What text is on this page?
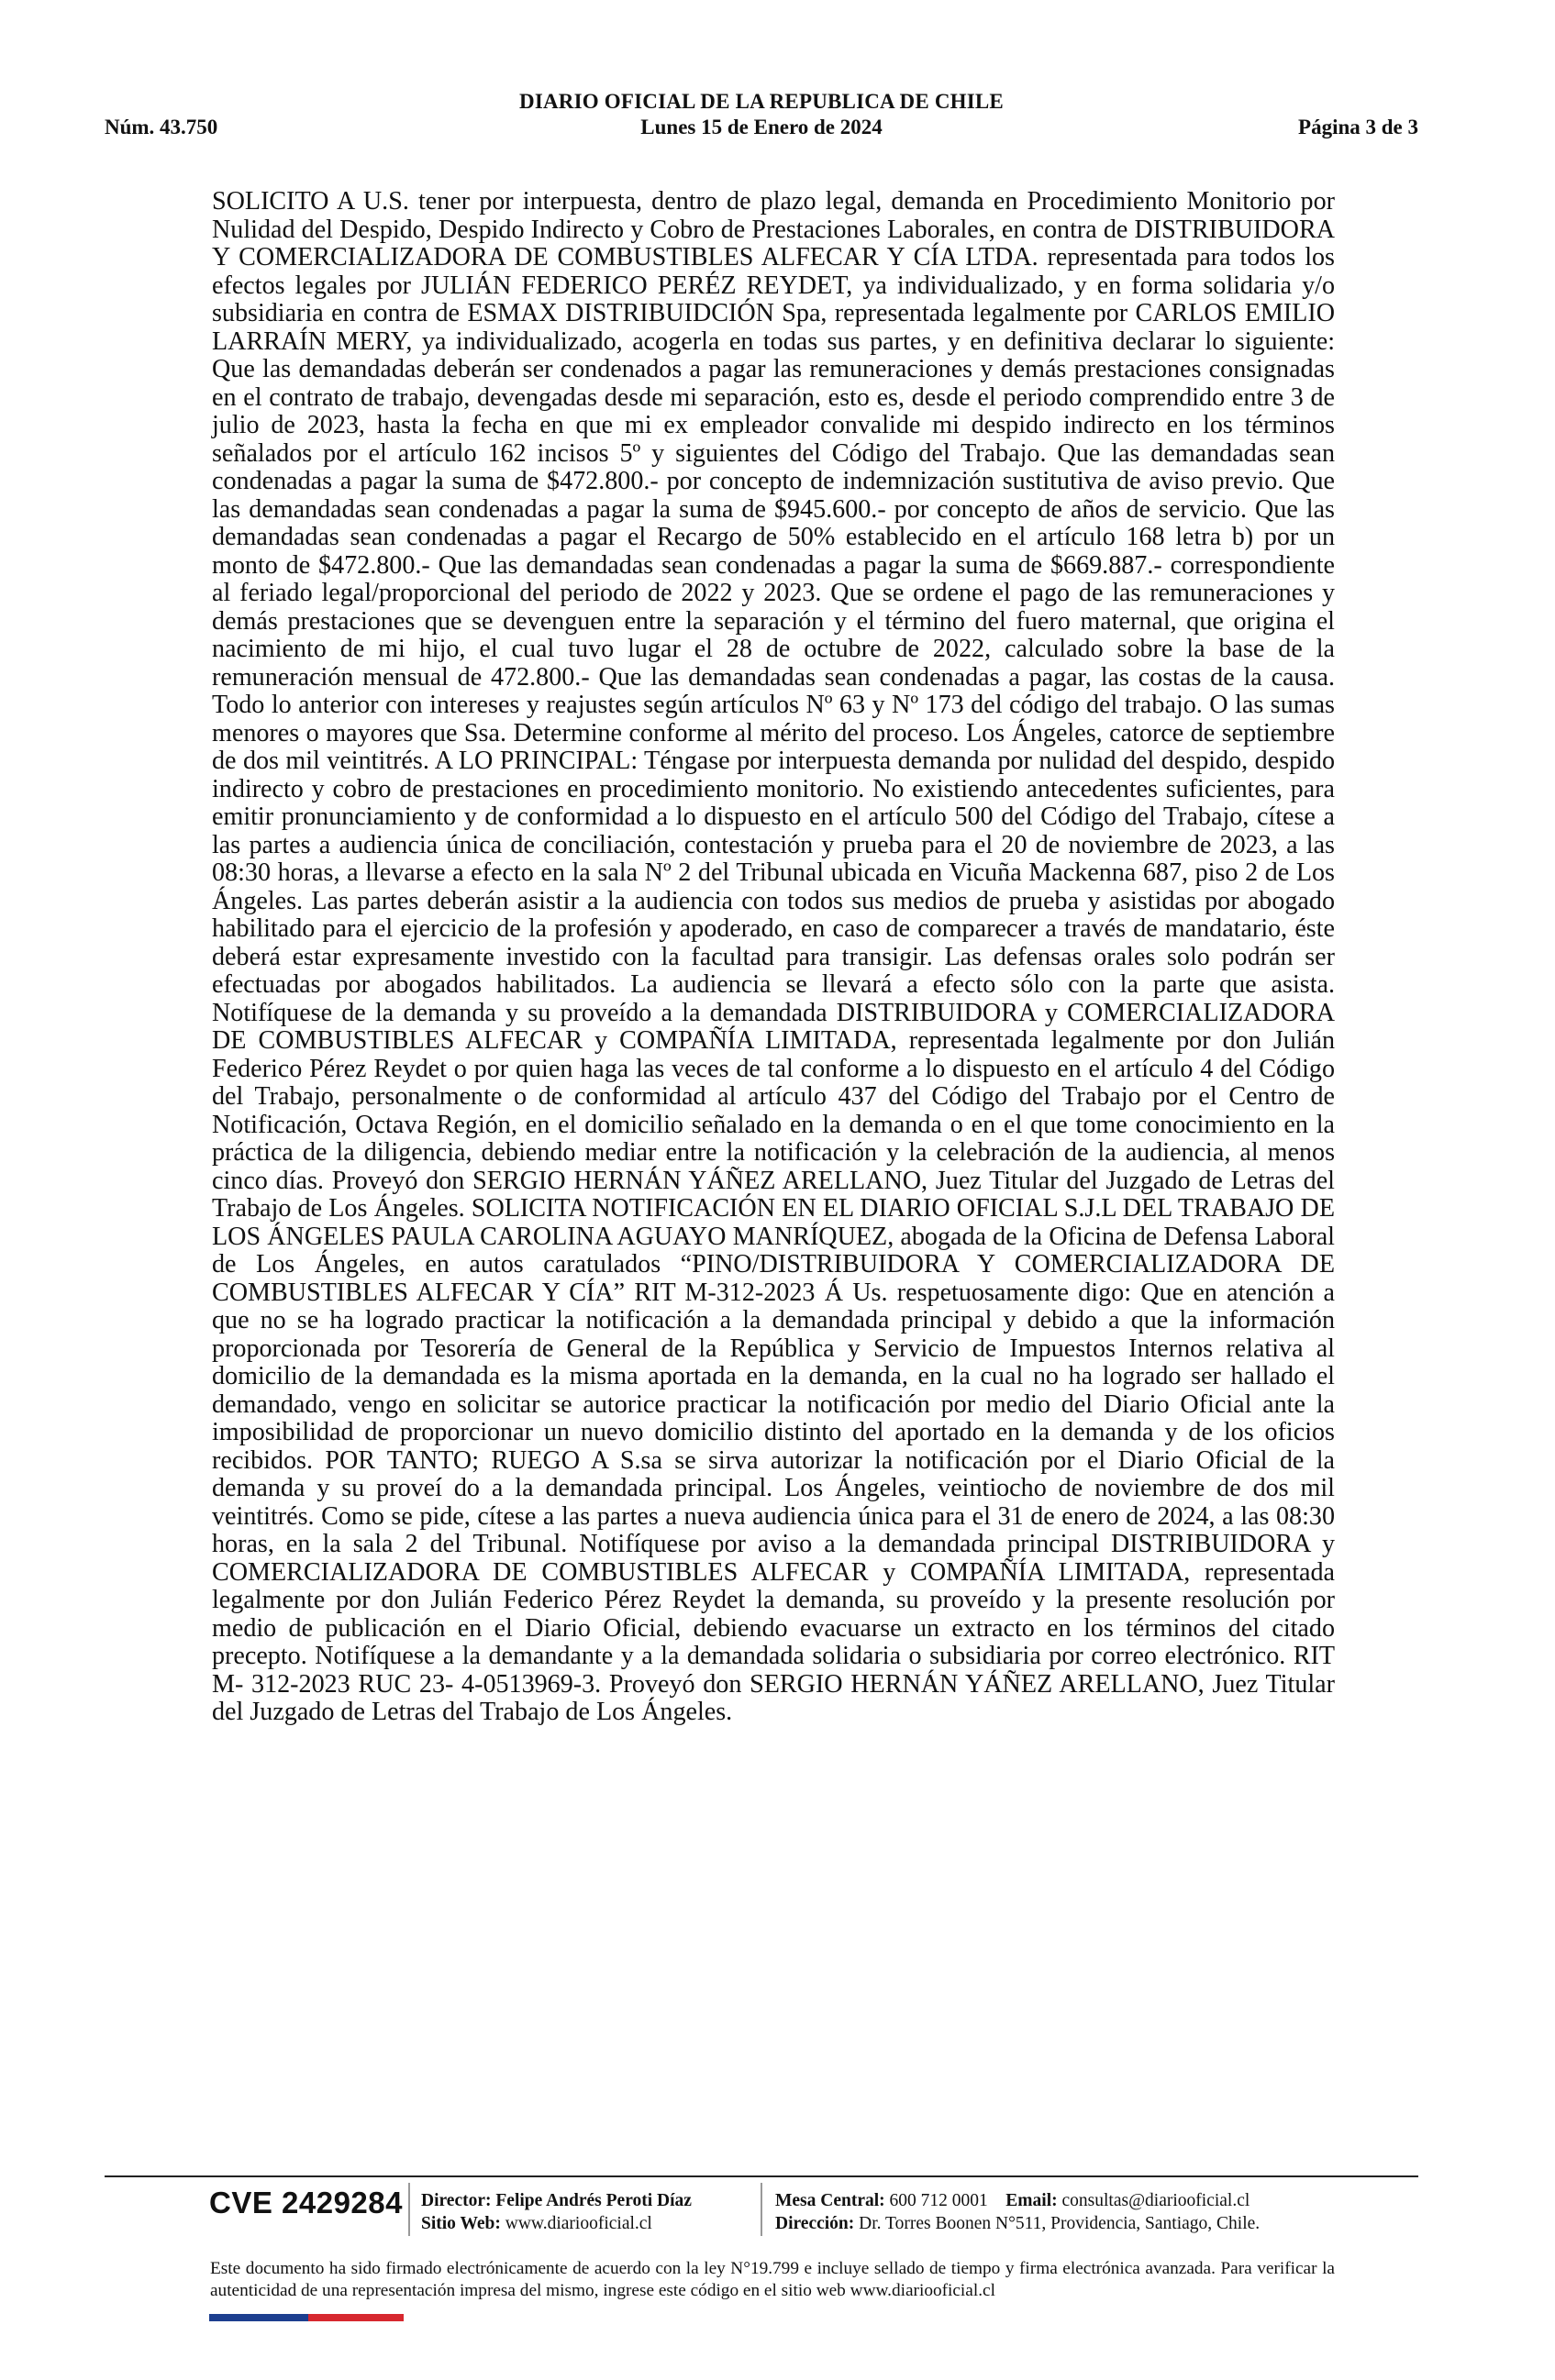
DIARIO OFICIAL DE LA REPUBLICA DE CHILE
Núm. 43.750	Lunes 15 de Enero de 2024	Página 3 de 3

SOLICITO A U.S. tener por interpuesta, dentro de plazo legal, demanda en Procedimiento Monitorio por Nulidad del Despido, Despido Indirecto y Cobro de Prestaciones Laborales, en contra de DISTRIBUIDORA Y COMERCIALIZADORA DE COMBUSTIBLES ALFECAR Y CÍA LTDA. representada para todos los efectos legales por JULIÁN FEDERICO PERÉZ REYDET, ya individualizado, y en forma solidaria y/o subsidiaria en contra de ESMAX DISTRIBUIDCIÓN Spa, representada legalmente por CARLOS EMILIO LARRAÍN MERY, ya individualizado, acogerla en todas sus partes, y en definitiva declarar lo siguiente: Que las demandadas deberán ser condenados a pagar las remuneraciones y demás prestaciones consignadas en el contrato de trabajo, devengadas desde mi separación, esto es, desde el periodo comprendido entre 3 de julio de 2023, hasta la fecha en que mi ex empleador convalide mi despido indirecto en los términos señalados por el artículo 162 incisos 5º y siguientes del Código del Trabajo. Que las demandadas sean condenadas a pagar la suma de $472.800.- por concepto de indemnización sustitutiva de aviso previo. Que las demandadas sean condenadas a pagar la suma de $945.600.- por concepto de años de servicio. Que las demandadas sean condenadas a pagar el Recargo de 50% establecido en el artículo 168 letra b) por un monto de $472.800.- Que las demandadas sean condenadas a pagar la suma de $669.887.- correspondiente al feriado legal/proporcional del periodo de 2022 y 2023. Que se ordene el pago de las remuneraciones y demás prestaciones que se devenguen entre la separación y el término del fuero maternal, que origina el nacimiento de mi hijo, el cual tuvo lugar el 28 de octubre de 2022, calculado sobre la base de la remuneración mensual de 472.800.- Que las demandadas sean condenadas a pagar, las costas de la causa. Todo lo anterior con intereses y reajustes según artículos Nº 63 y Nº 173 del código del trabajo. O las sumas menores o mayores que Ssa. Determine conforme al mérito del proceso. Los Ángeles, catorce de septiembre de dos mil veintitrés. A LO PRINCIPAL: Téngase por interpuesta demanda por nulidad del despido, despido indirecto y cobro de prestaciones en procedimiento monitorio. No existiendo antecedentes suficientes, para emitir pronunciamiento y de conformidad a lo dispuesto en el artículo 500 del Código del Trabajo, cítese a las partes a audiencia única de conciliación, contestación y prueba para el 20 de noviembre de 2023, a las 08:30 horas, a llevarse a efecto en la sala Nº 2 del Tribunal ubicada en Vicuña Mackenna 687, piso 2 de Los Ángeles. Las partes deberán asistir a la audiencia con todos sus medios de prueba y asistidas por abogado habilitado para el ejercicio de la profesión y apoderado, en caso de comparecer a través de mandatario, éste deberá estar expresamente investido con la facultad para transigir. Las defensas orales solo podrán ser efectuadas por abogados habilitados. La audiencia se llevará a efecto sólo con la parte que asista. Notifíquese de la demanda y su proveído a la demandada DISTRIBUIDORA y COMERCIALIZADORA DE COMBUSTIBLES ALFECAR y COMPAÑÍA LIMITADA, representada legalmente por don Julián Federico Pérez Reydet o por quien haga las veces de tal conforme a lo dispuesto en el artículo 4 del Código del Trabajo, personalmente o de conformidad al artículo 437 del Código del Trabajo por el Centro de Notificación, Octava Región, en el domicilio señalado en la demanda o en el que tome conocimiento en la práctica de la diligencia, debiendo mediar entre la notificación y la celebración de la audiencia, al menos cinco días. Proveyó don SERGIO HERNÁN YÁÑEZ ARELLANO, Juez Titular del Juzgado de Letras del Trabajo de Los Ángeles. SOLICITA NOTIFICACIÓN EN EL DIARIO OFICIAL S.J.L DEL TRABAJO DE LOS ÁNGELES PAULA CAROLINA AGUAYO MANRÍQUEZ, abogada de la Oficina de Defensa Laboral de Los Ángeles, en autos caratulados “PINO/DISTRIBUIDORA Y COMERCIALIZADORA DE COMBUSTIBLES ALFECAR Y CÍA” RIT M-312-2023 Á Us. respetuosamente digo: Que en atención a que no se ha logrado practicar la notificación a la demandada principal y debido a que la información proporcionada por Tesorería de General de la República y Servicio de Impuestos Internos relativa al domicilio de la demandada es la misma aportada en la demanda, en la cual no ha logrado ser hallado el demandado, vengo en solicitar se autorice practicar la notificación por medio del Diario Oficial ante la imposibilidad de proporcionar un nuevo domicilio distinto del aportado en la demanda y de los oficios recibidos. POR TANTO; RUEGO A S.sa se sirva autorizar la notificación por el Diario Oficial de la demanda y su proveí do a la demandada principal. Los Ángeles, veintiocho de noviembre de dos mil veintitrés. Como se pide, cítese a las partes a nueva audiencia única para el 31 de enero de 2024, a las 08:30 horas, en la sala 2 del Tribunal. Notifíquese por aviso a la demandada principal DISTRIBUIDORA y COMERCIALIZADORA DE COMBUSTIBLES ALFECAR y COMPAÑÍA LIMITADA, representada legalmente por don Julián Federico Pérez Reydet la demanda, su proveído y la presente resolución por medio de publicación en el Diario Oficial, debiendo evacuarse un extracto en los términos del citado precepto. Notifíquese a la demandante y a la demandada solidaria o subsidiaria por correo electrónico. RIT M- 312-2023 RUC 23- 4-0513969-3. Proveyó don SERGIO HERNÁN YÁÑEZ ARELLANO, Juez Titular del Juzgado de Letras del Trabajo de Los Ángeles.

CVE 2429284 Director: Felipe Andrés Peroti Díaz
Sitio Web: www.diariooficial.cl
Mesa Central: 600 712 0001 Email: consultas@diariooficial.cl
Dirección: Dr. Torres Boonen N°511, Providencia, Santiago, Chile.
Este documento ha sido firmado electrónicamente de acuerdo con la ley N°19.799 e incluye sellado de tiempo y firma electrónica avanzada. Para verificar la autenticidad de una representación impresa del mismo, ingrese este código en el sitio web www.diariooficial.cl
